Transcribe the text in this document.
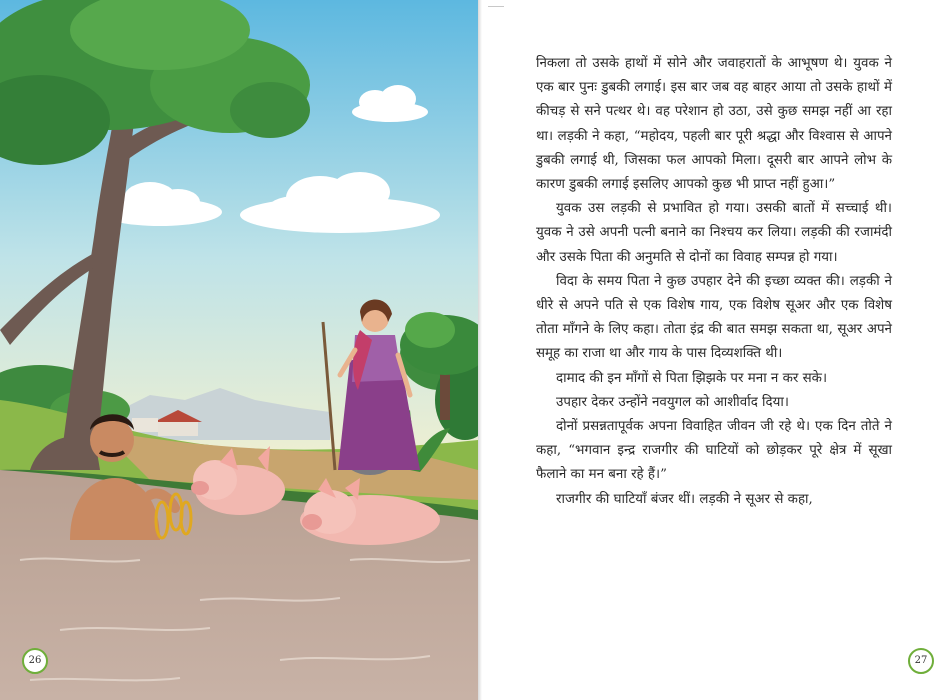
26

निकला तो उसके हाथों में सोने और जवाहरातों के आभूषण थे। युवक ने एक बार पुनः डुबकी लगाई। इस बार जब वह बाहर आया तो उसके हाथों में कीचड़ से सने पत्थर थे। वह परेशान हो उठा, उसे कुछ समझ नहीं आ रहा था। लड़की ने कहा, “महोदय, पहली बार पूरी श्रद्धा और विश्वास से आपने डुबकी लगाई थी, जिसका फल आपको मिला। दूसरी बार आपने लोभ के कारण डुबकी लगाई इसलिए आपको कुछ भी प्राप्त नहीं हुआ।”

युवक उस लड़की से प्रभावित हो गया। उसकी बातों में सच्चाई थी। युवक ने उसे अपनी पत्नी बनाने का निश्चय कर लिया। लड़की की रजामंदी और उसके पिता की अनुमति से दोनों का विवाह सम्पन्न हो गया।

विदा के समय पिता ने कुछ उपहार देने की इच्छा व्यक्त की। लड़की ने धीरे से अपने पति से एक विशेष गाय, एक विशेष सूअर और एक विशेष तोता माँगने के लिए कहा। तोता इंद्र की बात समझ सकता था, सूअर अपने समूह का राजा था और गाय के पास दिव्यशक्ति थी।

दामाद की इन माँगों से पिता झिझके पर मना न कर सके।

उपहार देकर उन्होंने नवयुगल को आशीर्वाद दिया।

दोनों प्रसन्नतापूर्वक अपना विवाहित जीवन जी रहे थे। एक दिन तोते ने कहा, “भगवान इन्द्र राजगीर की घाटियों को छोड़कर पूरे क्षेत्र में सूखा फैलाने का मन बना रहे हैं।”

राजगीर की घाटियाँ बंजर थीं। लड़की ने सूअर से कहा,

27
